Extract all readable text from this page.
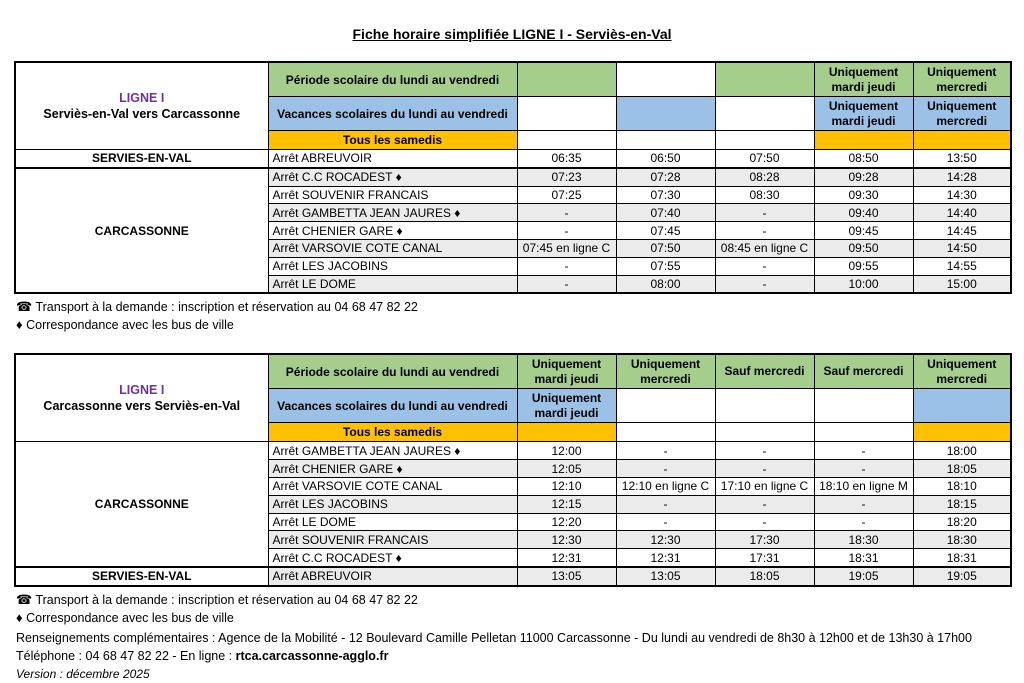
Fiche horaire simplifiée LIGNE I - Serviès-en-Val
LIGNE I
Serviès-en-Val vers Carcassonne	Période scolaire du lundi au vendredi				Uniquement mardi jeudi	Uniquement mercredi
	Vacances scolaires du lundi au vendredi				Uniquement mardi jeudi	Uniquement mercredi
	Tous les samedis					
SERVIES-EN-VAL	Arrêt ABREUVOIR	06:35	06:50	07:50	08:50	13:50
CARCASSONNE	Arrêt C.C ROCADEST ♦	07:23	07:28	08:28	09:28	14:28
	Arrêt SOUVENIR FRANCAIS	07:25	07:30	08:30	09:30	14:30
	Arrêt GAMBETTA JEAN JAURES ♦	-	07:40	-	09:40	14:40
	Arrêt CHENIER GARE ♦	-	07:45	-	09:45	14:45
	Arrêt VARSOVIE COTE CANAL	07:45 en ligne C	07:50	08:45 en ligne C	09:50	14:50
	Arrêt LES JACOBINS	-	07:55	-	09:55	14:55
	Arrêt LE DOME	-	08:00	-	10:00	15:00
☎ Transport à la demande : inscription et réservation au 04 68 47 82 22
♦ Correspondance avec les bus de ville
LIGNE I
Carcassonne vers Serviès-en-Val	Période scolaire du lundi au vendredi	Uniquement mardi jeudi	Uniquement mercredi	Sauf mercredi	Sauf mercredi	Uniquement mercredi
	Vacances scolaires du lundi au vendredi	Uniquement mardi jeudi				
	Tous les samedis					
CARCASSONNE	Arrêt GAMBETTA JEAN JAURES ♦	12:00	-	-	-	18:00
	Arrêt CHENIER GARE ♦	12:05	-	-	-	18:05
	Arrêt VARSOVIE COTE CANAL	12:10	12:10 en ligne C	17:10 en ligne C	18:10 en ligne M	18:10
	Arrêt LES JACOBINS	12:15	-	-	-	18:15
	Arrêt LE DOME	12:20	-	-	-	18:20
	Arrêt SOUVENIR FRANCAIS	12:30	12:30	17:30	18:30	18:30
	Arrêt C.C ROCADEST ♦	12:31	12:31	17:31	18:31	18:31
SERVIES-EN-VAL	Arrêt ABREUVOIR	13:05	13:05	18:05	19:05	19:05
☎ Transport à la demande : inscription et réservation au 04 68 47 82 22
♦ Correspondance avec les bus de ville
Renseignements complémentaires : Agence de la Mobilité - 12 Boulevard Camille Pelletan 11000 Carcassonne - Du lundi au vendredi de 8h30 à 12h00 et de 13h30 à 17h00
Téléphone : 04 68 47 82 22 - En ligne : rtca.carcassonne-agglo.fr
Version : décembre 2025
